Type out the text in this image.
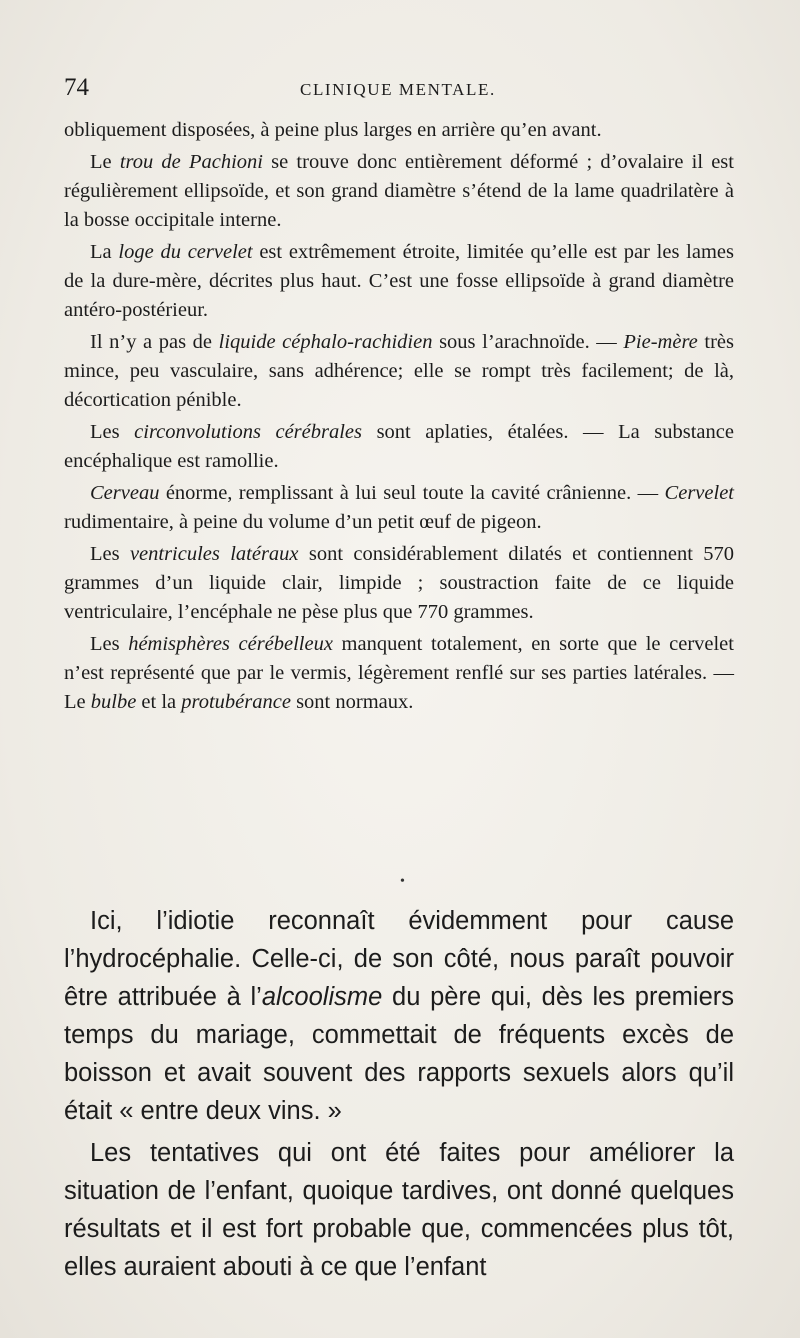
74	CLINIQUE MENTALE.

obliquement disposées, à peine plus larges en arrière qu’en avant.

Le trou de Pachioni se trouve donc entièrement déformé ; d’ovalaire il est régulièrement ellipsoïde, et son grand diamètre s’étend de la lame quadrilatère à la bosse occipitale interne.

La loge du cervelet est extrêmement étroite, limitée qu’elle est par les lames de la dure-mère, décrites plus haut. C’est une fosse ellipsoïde à grand diamètre antéro-postérieur.

Il n’y a pas de liquide céphalo-rachidien sous l’arachnoïde. — Pie-mère très mince, peu vasculaire, sans adhérence; elle se rompt très facilement; de là, décortication pénible.

Les circonvolutions cérébrales sont aplaties, étalées. — La substance encéphalique est ramollie.

Cerveau énorme, remplissant à lui seul toute la cavité crânienne. — Cervelet rudimentaire, à peine du volume d’un petit œuf de pigeon.

Les ventricules latéraux sont considérablement dilatés et contiennent 570 grammes d’un liquide clair, limpide ; soustraction faite de ce liquide ventriculaire, l’encéphale ne pèse plus que 770 grammes.

Les hémisphères cérébelleux manquent totalement, en sorte que le cervelet n’est représenté que par le vermis, légèrement renflé sur ses parties latérales. — Le bulbe et la protubérance sont normaux.

•

Ici, l’idiotie reconnaît évidemment pour cause l’hydrocéphalie. Celle-ci, de son côté, nous paraît pouvoir être attribuée à l’alcoolisme du père qui, dès les premiers temps du mariage, commettait de fréquents excès de boisson et avait souvent des rapports sexuels alors qu’il était « entre deux vins. »

Les tentatives qui ont été faites pour améliorer la situation de l’enfant, quoique tardives, ont donné quelques résultats et il est fort probable que, commencées plus tôt, elles auraient abouti à ce que l’enfant
